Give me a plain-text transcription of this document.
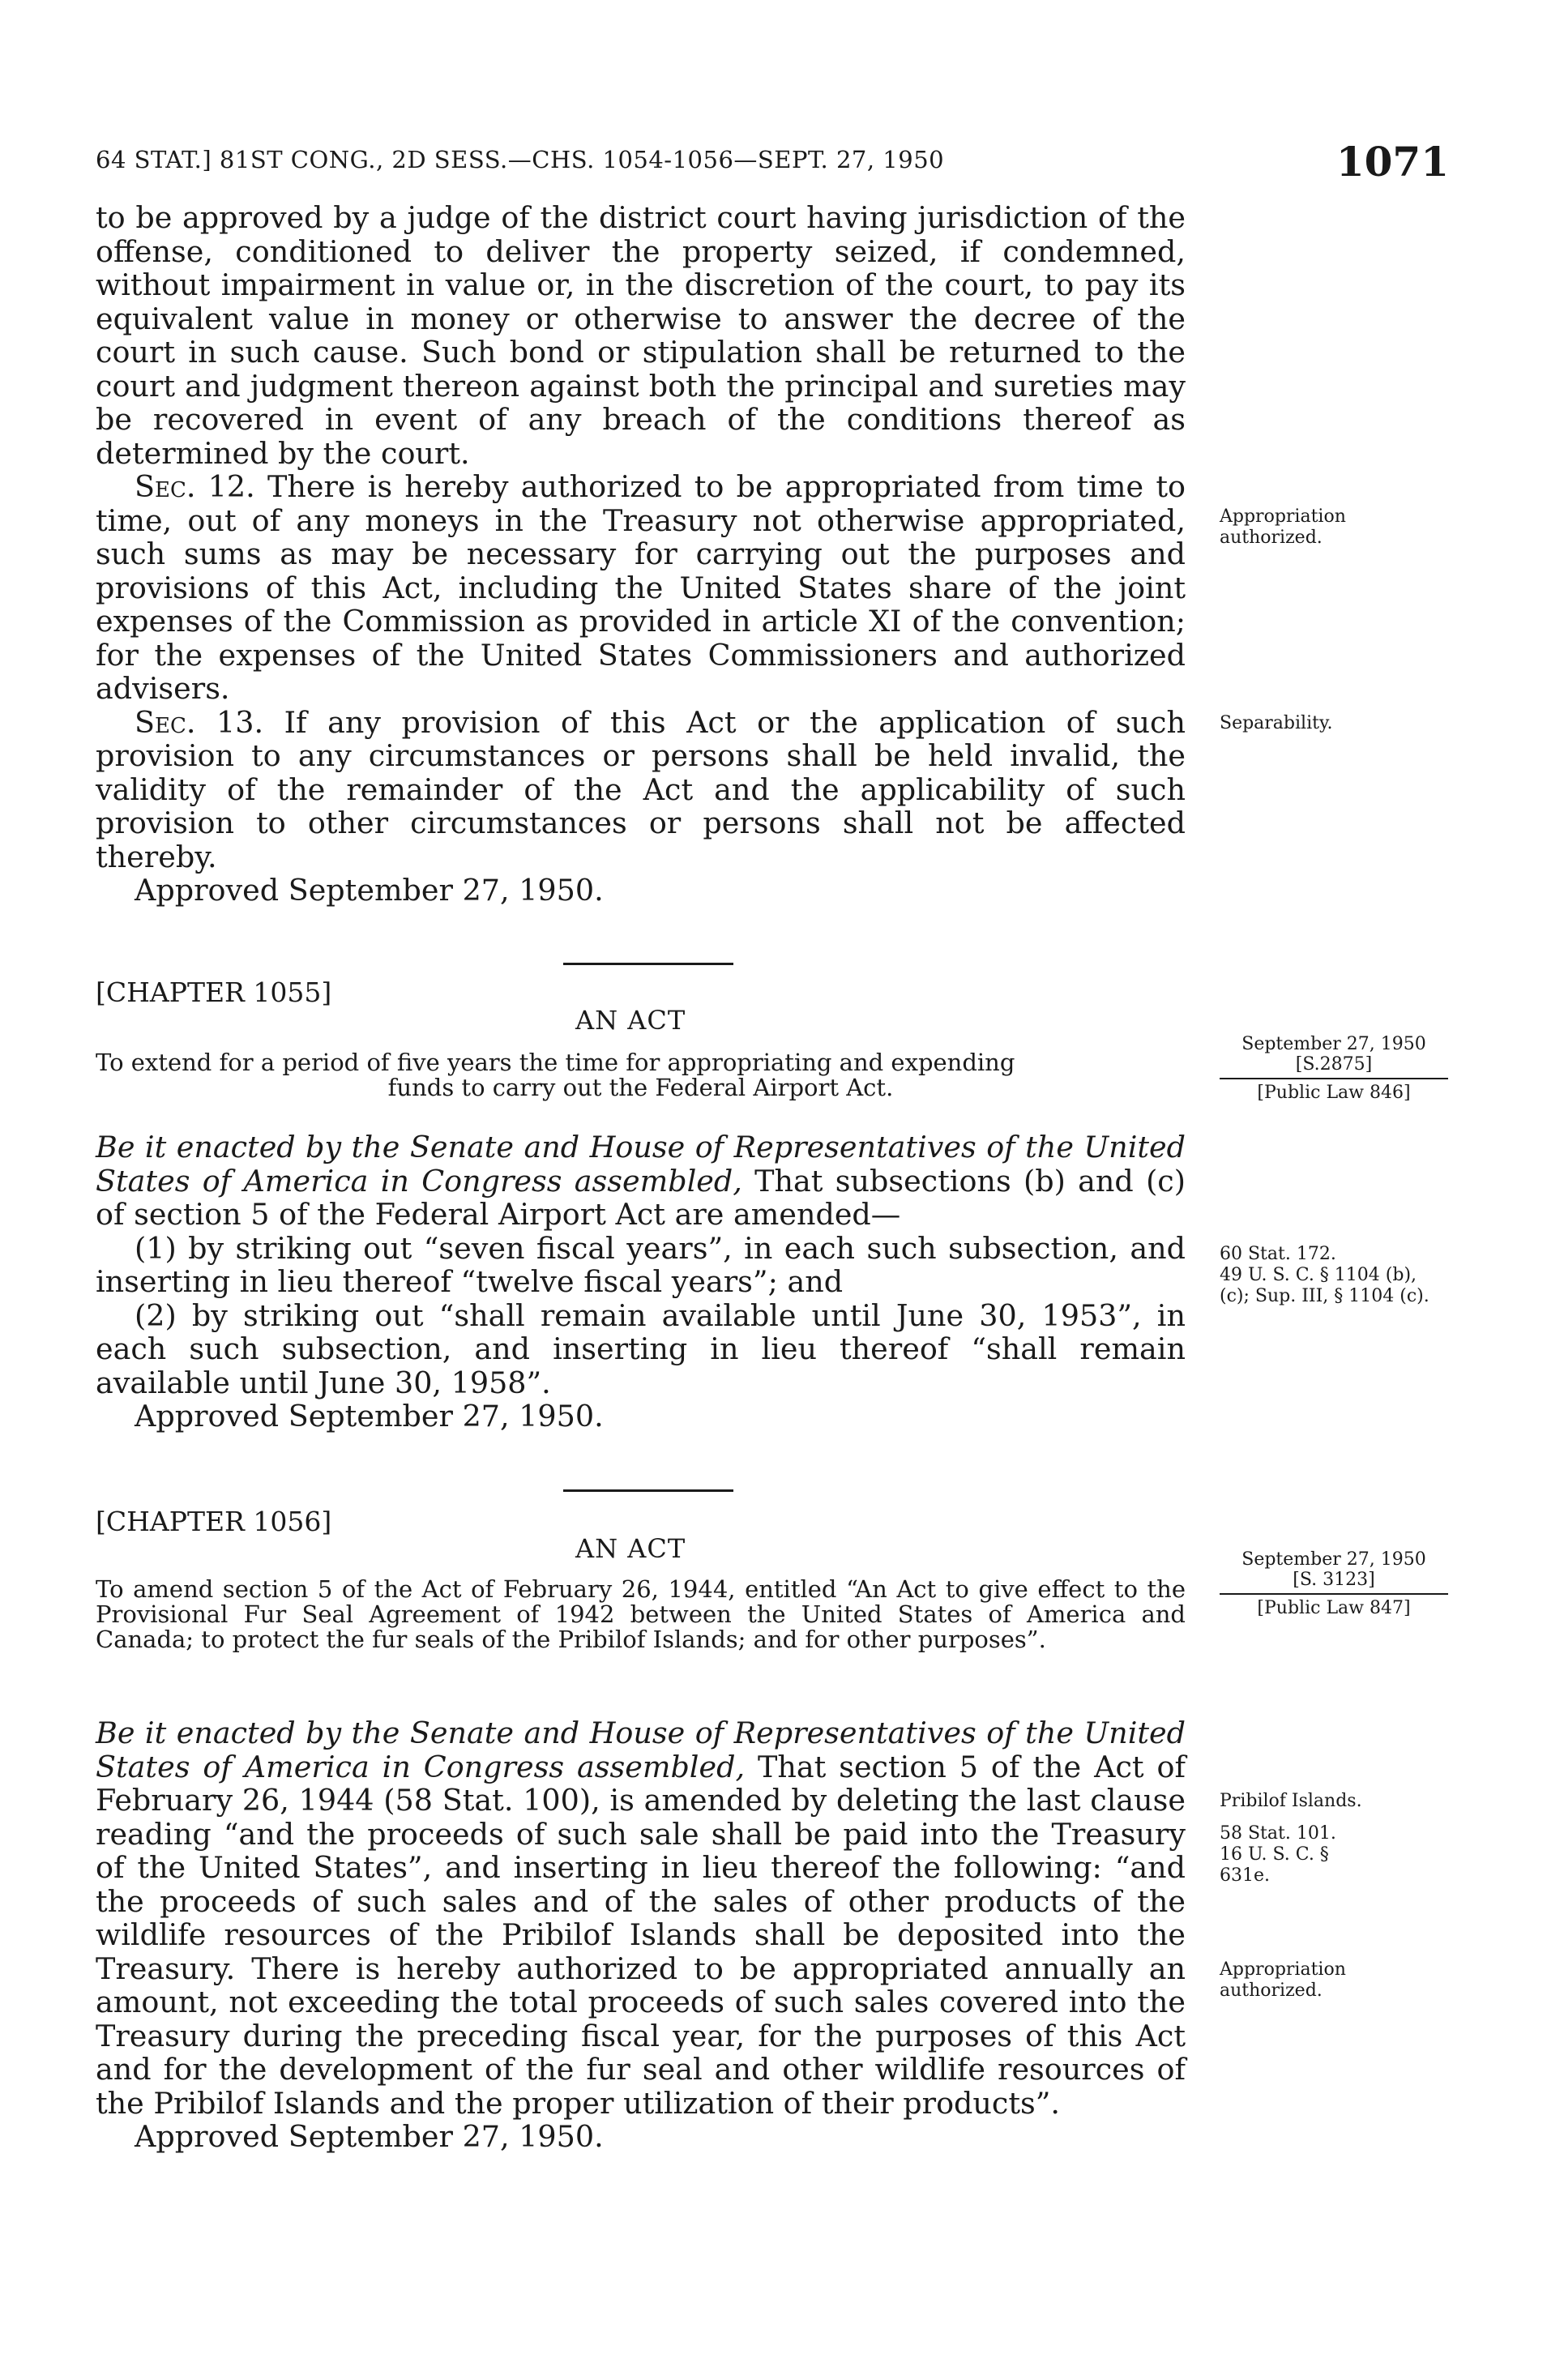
64 STAT.] 81ST CONG., 2D SESS.—CHS. 1054-1056—SEPT. 27, 1950	1071

to be approved by a judge of the district court having jurisdiction of the offense, conditioned to deliver the property seized, if condemned, without impairment in value or, in the discretion of the court, to pay its equivalent value in money or otherwise to answer the decree of the court in such cause. Such bond or stipulation shall be returned to the court and judgment thereon against both the principal and sureties may be recovered in event of any breach of the conditions thereof as determined by the court.

Sec. 12. There is hereby authorized to be appropriated from time to time, out of any moneys in the Treasury not otherwise appropriated, such sums as may be necessary for carrying out the purposes and provisions of this Act, including the United States share of the joint expenses of the Commission as provided in article XI of the convention; for the expenses of the United States Commissioners and authorized advisers.

Sec. 13. If any provision of this Act or the application of such provision to any circumstances or persons shall be held invalid, the validity of the remainder of the Act and the applicability of such provision to other circumstances or persons shall not be affected thereby.

Approved September 27, 1950.

Appropriation authorized.
Separability.
[CHAPTER 1055]
AN ACT
To extend for a period of five years the time for appropriating and expending
funds to carry out the Federal Airport Act.
September 27, 1950
[S.2875]
[Public Law 846]

Be it enacted by the Senate and House of Representatives of the United States of America in Congress assembled, That subsections (b) and (c) of section 5 of the Federal Airport Act are amended—

(1) by striking out “seven fiscal years”, in each such subsection, and inserting in lieu thereof “twelve fiscal years”; and

(2) by striking out “shall remain available until June 30, 1953”, in each such subsection, and inserting in lieu thereof “shall remain available until June 30, 1958”.

Approved September 27, 1950.

60 Stat. 172.
49 U. S. C. § 1104 (b), (c); Sup. III, § 1104 (c).
[CHAPTER 1056]
AN ACT
To amend section 5 of the Act of February 26, 1944, entitled “An Act to give effect to the Provisional Fur Seal Agreement of 1942 between the United States of America and Canada; to protect the fur seals of the Pribilof Islands; and for other purposes”.
September 27, 1950
[S. 3123]
[Public Law 847]

Be it enacted by the Senate and House of Representatives of the United States of America in Congress assembled, That section 5 of the Act of February 26, 1944 (58 Stat. 100), is amended by deleting the last clause reading “and the proceeds of such sale shall be paid into the Treasury of the United States”, and inserting in lieu thereof the following: “and the proceeds of such sales and of the sales of other products of the wildlife resources of the Pribilof Islands shall be deposited into the Treasury. There is hereby authorized to be appropriated annually an amount, not exceeding the total proceeds of such sales covered into the Treasury during the preceding fiscal year, for the purposes of this Act and for the development of the fur seal and other wildlife resources of the Pribilof Islands and the proper utilization of their products”.

Approved September 27, 1950.

Pribilof Islands.
58 Stat. 101.
16 U. S. C. § 631e.
Appropriation authorized.
